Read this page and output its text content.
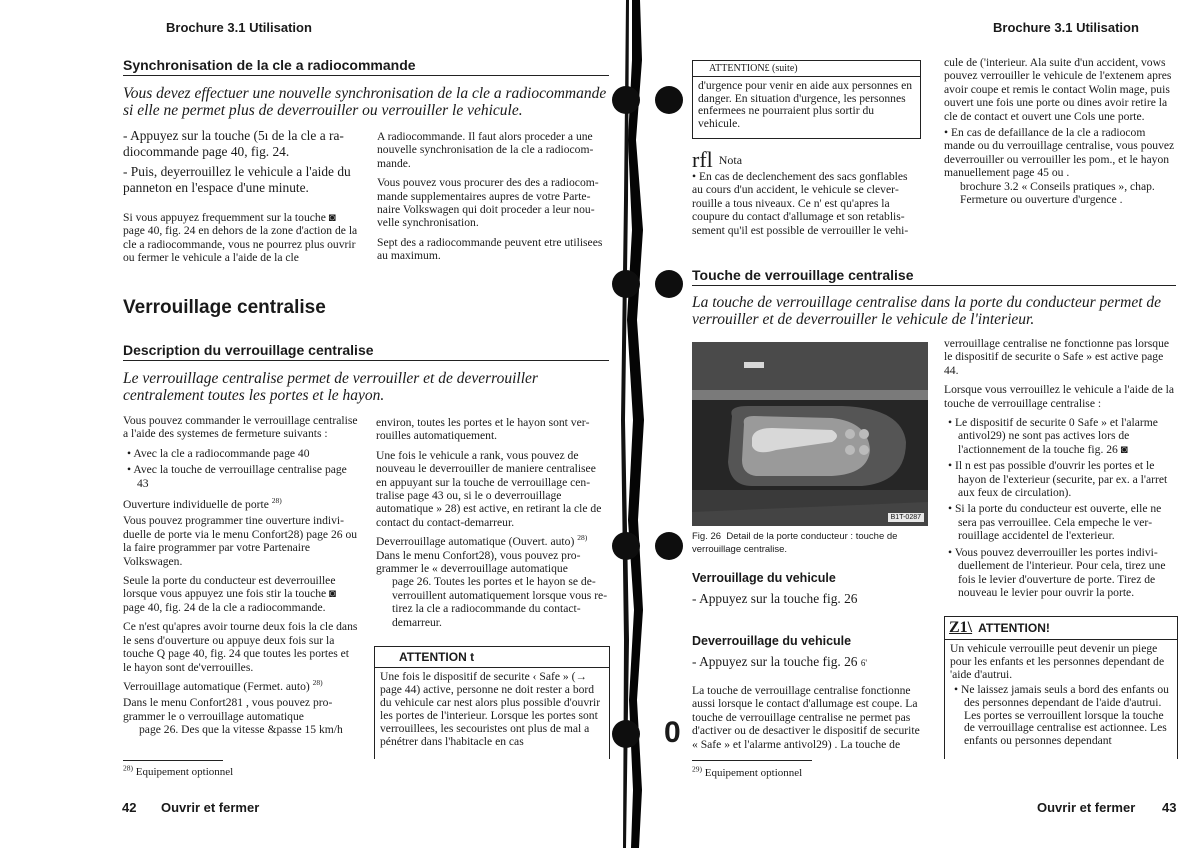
Brochure 3.1 Utilisation
Synchronisation de la cle a radiocommande
Vous devez effectuer une nouvelle synchronisation de la cle a radiocommande si elle ne permet plus de deverrouiller ou verrouiller le vehicule.
- Appuyez sur la touche (5ı de la cle a radiocommande page 40, fig. 24.
- Puis, deyerrouillez le vehicule a l'aide du panneton en l'espace d'une minute.
Si vous appuyez frequemment sur la touche ◙ page 40, fig. 24 en dehors de la zone d'action de la cle a radiocommande, vous ne pourrez plus ouvrir ou fermer le vehicule a l'aide de la cle

A radiocommande. Il faut alors proceder a une nouvelle synchronisation de la cle a radiocommande.

Vous pouvez vous procurer des des a radiocommande supplementaires aupres de votre Partenaire Volkswagen qui doit proceder a leur nouvelle synchronisation.

Sept des a radiocommande peuvent etre utilisees au maximum.

Verrouillage centralise
Description du verrouillage centralise
Le verrouillage centralise permet de verrouiller et de deverrouiller centralement toutes les portes et le hayon.

Vous pouvez commander le verrouillage centralise a l'aide des systemes de fermeture suivants :

• Avec la cle a radiocommande page 40
• Avec la touche de verrouillage centralise page 43

Ouverture individuelle de porte $^{28)}$

Vous pouvez programmer tine ouverture individuelle de porte via le menu Confort28) page 26 ou la faire programmer par votre Partenaire Volkswagen.

Seule la porte du conducteur est deverrouillee lorsque vous appuyez une fois stir la touche ◙ page 40, fig. 24 de la cle a radiocommande.

Ce n'est qu'apres avoir tourne deux fois la cle dans le sens d'ouverture ou appuye deux fois sur la touche Q page 40, fig. 24 que toutes les portes et le hayon sont de'verrouilles.

Verrouillage automatique (Fermet. auto) $^{28)}$

Dans le menu Confort281 , vous pouvez programmer le o verrouillage automatique

page 26. Des que la vitesse &passe 15 km/h

environ, toutes les portes et le hayon sont verrouilles automatiquement.

Une fois le vehicule a rank, vous pouvez de nouveau le deverrouiller de maniere centralisee en appuyant sur la touche de verrouillage centralise page 43 ou, si le o deverrouillage automatique » 28) est active, en retirant la cle de contact du contact-demarreur.

Deverrouillage automatique (Ouvert. auto) $^{28)}$

Dans le menu Confort28), vous pouvez programmer le « deverrouillage automatique

page 26. Toutes les portes et le hayon se deverrouillent automatiquement lorsque vous retirez la cle a radiocommande du contact-demarreur.

ATTENTION t
Une fois le dispositif de securite ‹ Safe » (→ page 44) active, personne ne doit rester a bord du vehicule car nest alors plus possible d'ouvrir les portes de l'interieur. Lorsque les portes sont verrouillees, les secouristes ont plus de mal a pénétrer dans l'habitacle en cas
$^{28)}$ Equipement optionnel
42 Ouvrir et fermer
Brochure 3.1 Utilisation
ATTENTION£ (suite)
d'urgence pour venir en aide aux personnes en danger. En situation d'urgence, les personnes enfermees ne pourraient plus sortir du vehicule.
rfl Nota
• En cas de declenchement des sacs gonflables au cours d'un accident, le vehicule se cleverrouille a tous niveaux. Ce n' est qu'apres la coupure du contact d'allumage et son retablissement qu'il est possible de verrouiller le vehi-

cule de ('interieur. Ala suite d'un accident, vows pouvez verrouiller le vehicule de l'extenem apres avoir coupe et remis le contact Wolin mage, puis ouvert une fois une porte ou dines avoir retire la cle de contact et ouvert une Cols une porte.

• En cas de defaillance de la cle a radiocom mande ou du verrouillage centralise, vous pouvez deverrouiller ou verrouiller les pom., et le hayon manuellement page 45 ou .

brochure 3.2 « Conseils pratiques », chap. Fermeture ou ouverture d'urgence .

Touche de verrouillage centralise
La touche de verrouillage centralise dans la porte du conducteur permet de verrouiller et de deverrouiller le vehicule de l'interieur.
B1T-0287
Fig. 26 Detail de la porte conducteur : touche de verrouillage centralise.
Verrouillage du vehicule
- Appuyez sur la touche fig. 26
Deverrouillage du vehicule
- Appuyez sur la touche fig. 26 6'
La touche de verrouillage centralise fonctionne aussi lorsque le contact d'allumage est coupe. La touche de verrouillage centralise ne permet pas d'activer ou de desactiver le dispositif de securite « Safe » et l'alarme antivol29) . La touche de
0
$^{29)}$ Equipement optionnel

verrouillage centralise ne fonctionne pas lorsque le dispositif de securite o Safe » est active page 44.

Lorsque vous verrouillez le vehicule a l'aide de la touche de verrouillage centralise :

• Le dispositif de securite 0 Safe » et l'alarme antivol29) ne sont pas actives lors de l'actionnement de la touche fig. 26 ◙
• Il n est pas possible d'ouvrir les portes et le hayon de l'exterieur (securite, par ex. a l'arret aux feux de circulation).
• Si la porte du conducteur est ouverte, elle ne sera pas verrouillee. Cela empeche le verrouillage accidentel de l'exterieur.
• Vous pouvez deverrouiller les portes individuellement de l'interieur. Pour cela, tirez une fois le levier d'ouverture de porte. Tirez de nouveau le levier pour ouvrir la porte.
Z1\ ATTENTION!
Un vehicule verrouille peut devenir un piege pour les enfants et les personnes dependant de 'aide d'autrui.
• Ne laissez jamais seuls a bord des enfants ou des personnes dependant de l'aide d'autrui. Les portes se verrouillent lorsque la touche de verrouillage centralise est actionnee. Les enfants ou personnes dependant
Ouvrir et fermer 43
